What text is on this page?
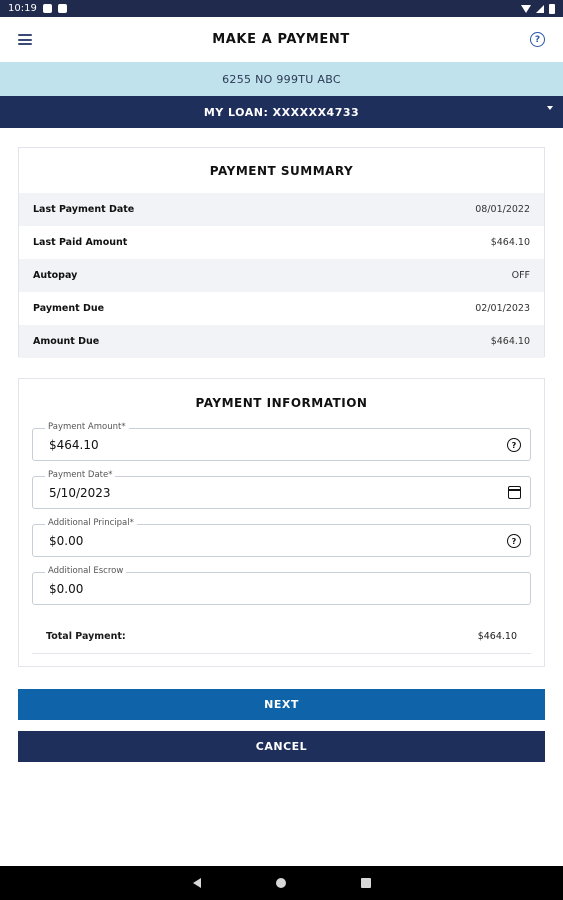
10:19
MAKE A PAYMENT	?
6255 NO 999TU ABC
MY LOAN: XXXXXX4733
PAYMENT SUMMARY
Last Payment Date	08/01/2022
Last Paid Amount	$464.10
Autopay	OFF
Payment Due	02/01/2023
Amount Due	$464.10
PAYMENT INFORMATION
Payment Amount*
$464.10	?
Payment Date*
5/10/2023
Additional Principal*
$0.00	?
Additional Escrow
$0.00
Total Payment:	$464.10
NEXT
CANCEL
